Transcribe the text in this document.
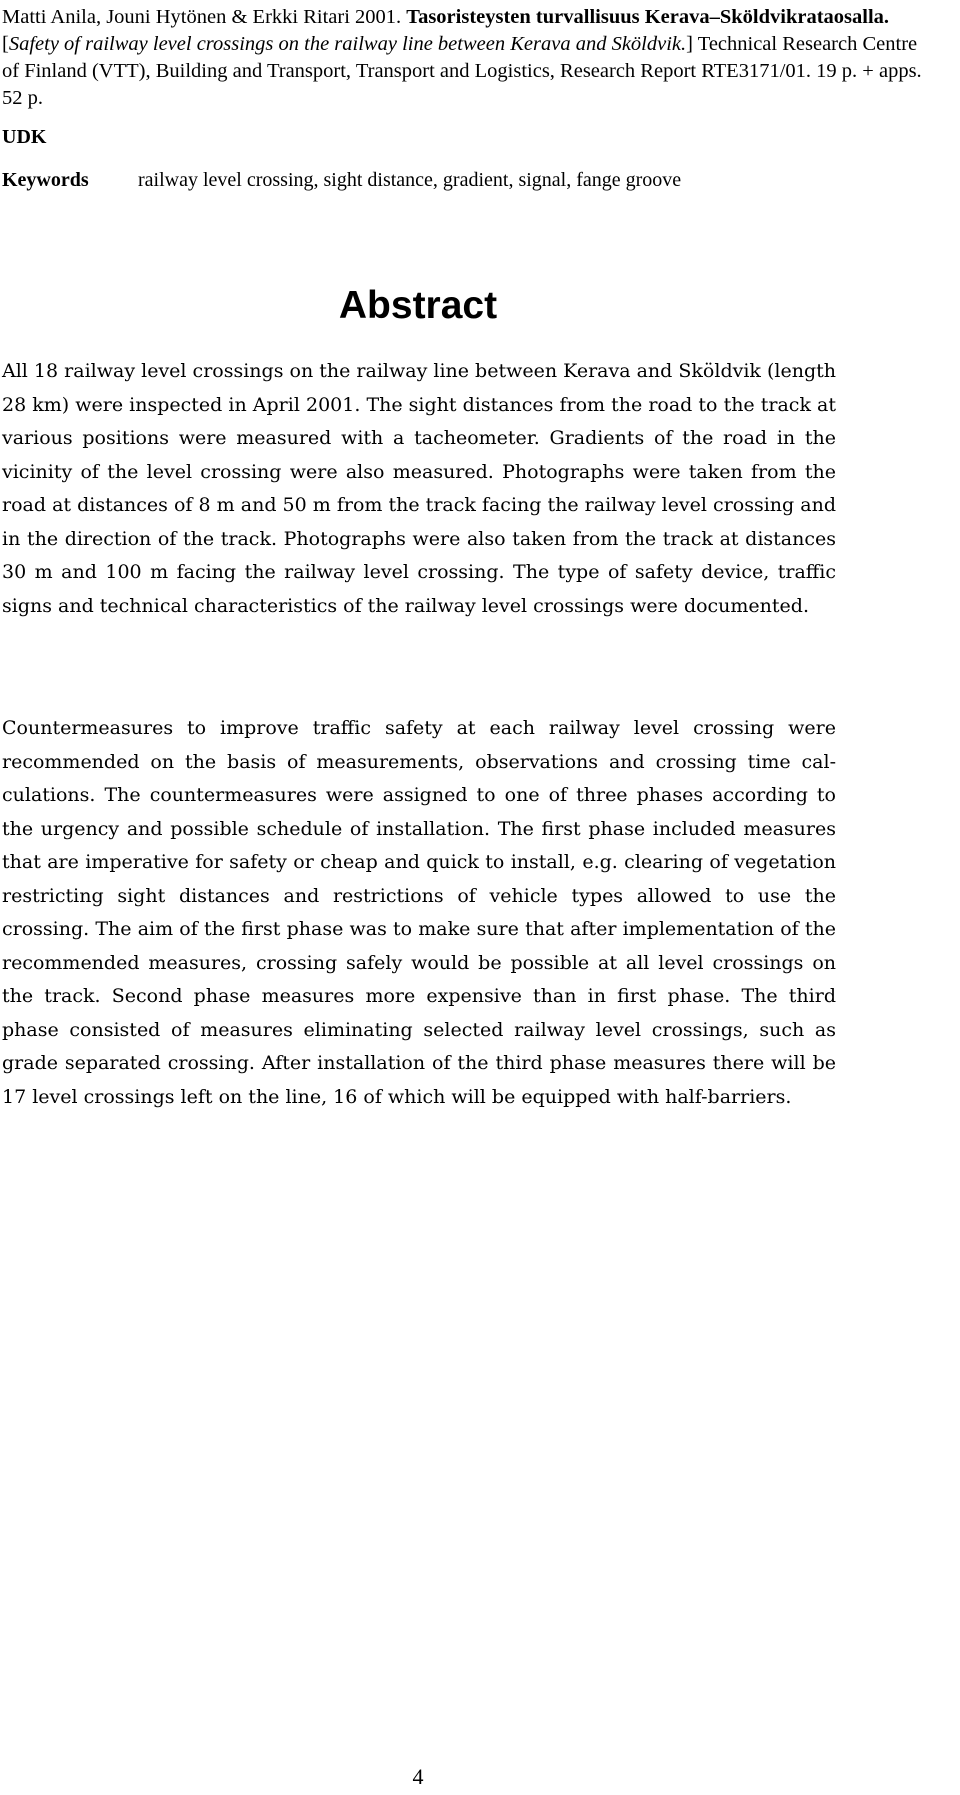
Matti Anila, Jouni Hytönen & Erkki Ritari 2001. Tasoristeysten turvallisuus Kerava–Sköldvikrataosalla. [Safety of railway level crossings on the railway line between Kerava and Sköldvik.] Technical Research Centre of Finland (VTT), Building and Transport, Transport and Logistics, Research Report RTE3171/01. 19 p. + apps. 52 p.
UDK
Keywords railway level crossing, sight distance, gradient, signal, fange groove
Abstract
All 18 railway level crossings on the railway line between Kerava and Sköldvik (length 28 km) were inspected in April 2001. The sight distances from the road to the track at various positions were measured with a tacheometer. Gradients of the road in the vicinity of the level crossing were also measured. Photographs were taken from the road at distances of 8 m and 50 m from the track facing the railway level crossing and in the direction of the track. Photographs were also taken from the track at distances 30 m and 100 m facing the railway level crossing. The type of safety device, traffic signs and technical characteristics of the railway level crossings were documented.
Countermeasures to improve traffic safety at each railway level crossing were recommended on the basis of measurements, observations and crossing time calculations. The countermeasures were assigned to one of three phases according to the urgency and possible schedule of installation. The first phase included measures that are imperative for safety or cheap and quick to install, e.g. clearing of vegetation restricting sight distances and restrictions of vehicle types allowed to use the crossing. The aim of the first phase was to make sure that after implementation of the recommended measures, crossing safely would be possible at all level crossings on the track. Second phase measures more expensive than in first phase. The third phase consisted of measures eliminating selected railway level crossings, such as grade separated crossing. After installation of the third phase measures there will be 17 level crossings left on the line, 16 of which will be equipped with half-barriers.
4
